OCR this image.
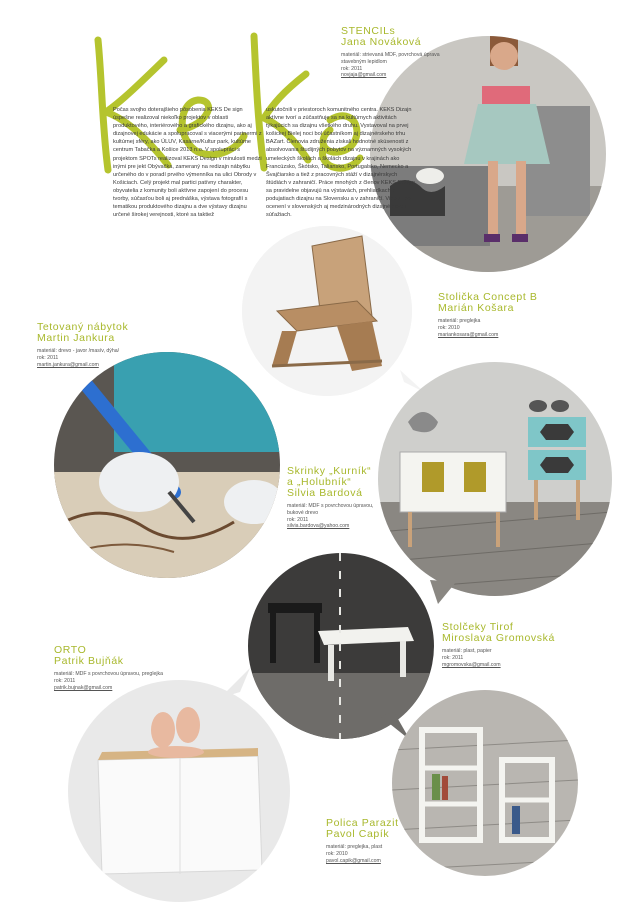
Keks
Počas svojho doterajšieho pôsobenia KEKS De sign úspešne realizoval niekoľko projektov v oblasti produktového, interiérového a grafického dizajnu, ako aj dizajnovej edukácie a spolupracoval s viacerými partnermi z kultúrnej sféry, ako ÚLUV, Kasárne/Kultur park, kultúrne centrum Tabačka a Košice 2013 n.o. V spolupráci s projektom SPOTs realizoval KEKS Design v minulosti medzi inými pre jekt Obývačka, zameraný na redizajn nábytku určeného do v poradí prvého výmenníka na ulici Obrody v Košiciach. Celý projekt mal partici patívny charakter, obyvatelia z komunity boli aktívne zapojení do procesu tvorby, súčasťou boli aj prednáška, výstava fotografií s tematikou produktového dizajnu a dve výstavy dizajnu určené širokej verejnosti, ktoré sa taktiež
uskutočnili v priestoroch komunitného centra. KEKS Dizajn aktívne tvorí a zúčastňuje sa na kultúrnych aktivitách týkajúcich sa dizajnu všetkého druhu. Vystavoval na prvej košickej Bielej noci bol účastníkom aj dizajnérskeho trhu BAZart. Členovia združenia získali hodnotné skúsenosti z absolvovania študijných pobytov na významných vysokých umeleckých školách a školách dizajnu v krajinách ako Francúzsko, Škótsko, Taliansko, Portugalsko, Nemecko a Švajčiarsko a tiež z pracovných stáží v dizajnérskych štúdiách v zahraničí. Práce mnohých z členov KEKS Design sa pravidelne objavujú na výstavách, prehliadkach a podujatiach dizajnu na Slovensku a v zahraničí. Viacerí boli ocenení v slovenských aj medzinárodných dizajnérskych súťažiach.
STENCILs
Jana Nováková
materiál: strievaná MDF, povrchová úprava stavebným lepidlom
rok: 2011
novjaja@gmail.com
Stolička Concept B
Marián Košara
materiál: preglejka
rok: 2010
mariankosara@gmail.com
Tetovaný nábytok
Martin Jankura
materiál: drevo - javor /masív, dýha/
rok: 2011
martin.jankura@gmail.com
Skrinky „Kurník“
a „Holubník“
Silvia Bardová
materiál: MDF s povrchovou úpravou, bukové drevo
rok: 2011
silvia.bardova@yahoo.com
Stolčeky Tirof
Miroslava Gromovská
materiál: plast, papier
rok: 2011
mgromovska@gmail.com
ORTO
Patrik Bujňák
materiál: MDF s povrchovou úpravou, preglejka
rok: 2011
patrik.bujnak@gmail.com
Polica Parazit
Pavol Capík
materiál: preglejka, plast
rok: 2010
pavol.capik@gmail.com
